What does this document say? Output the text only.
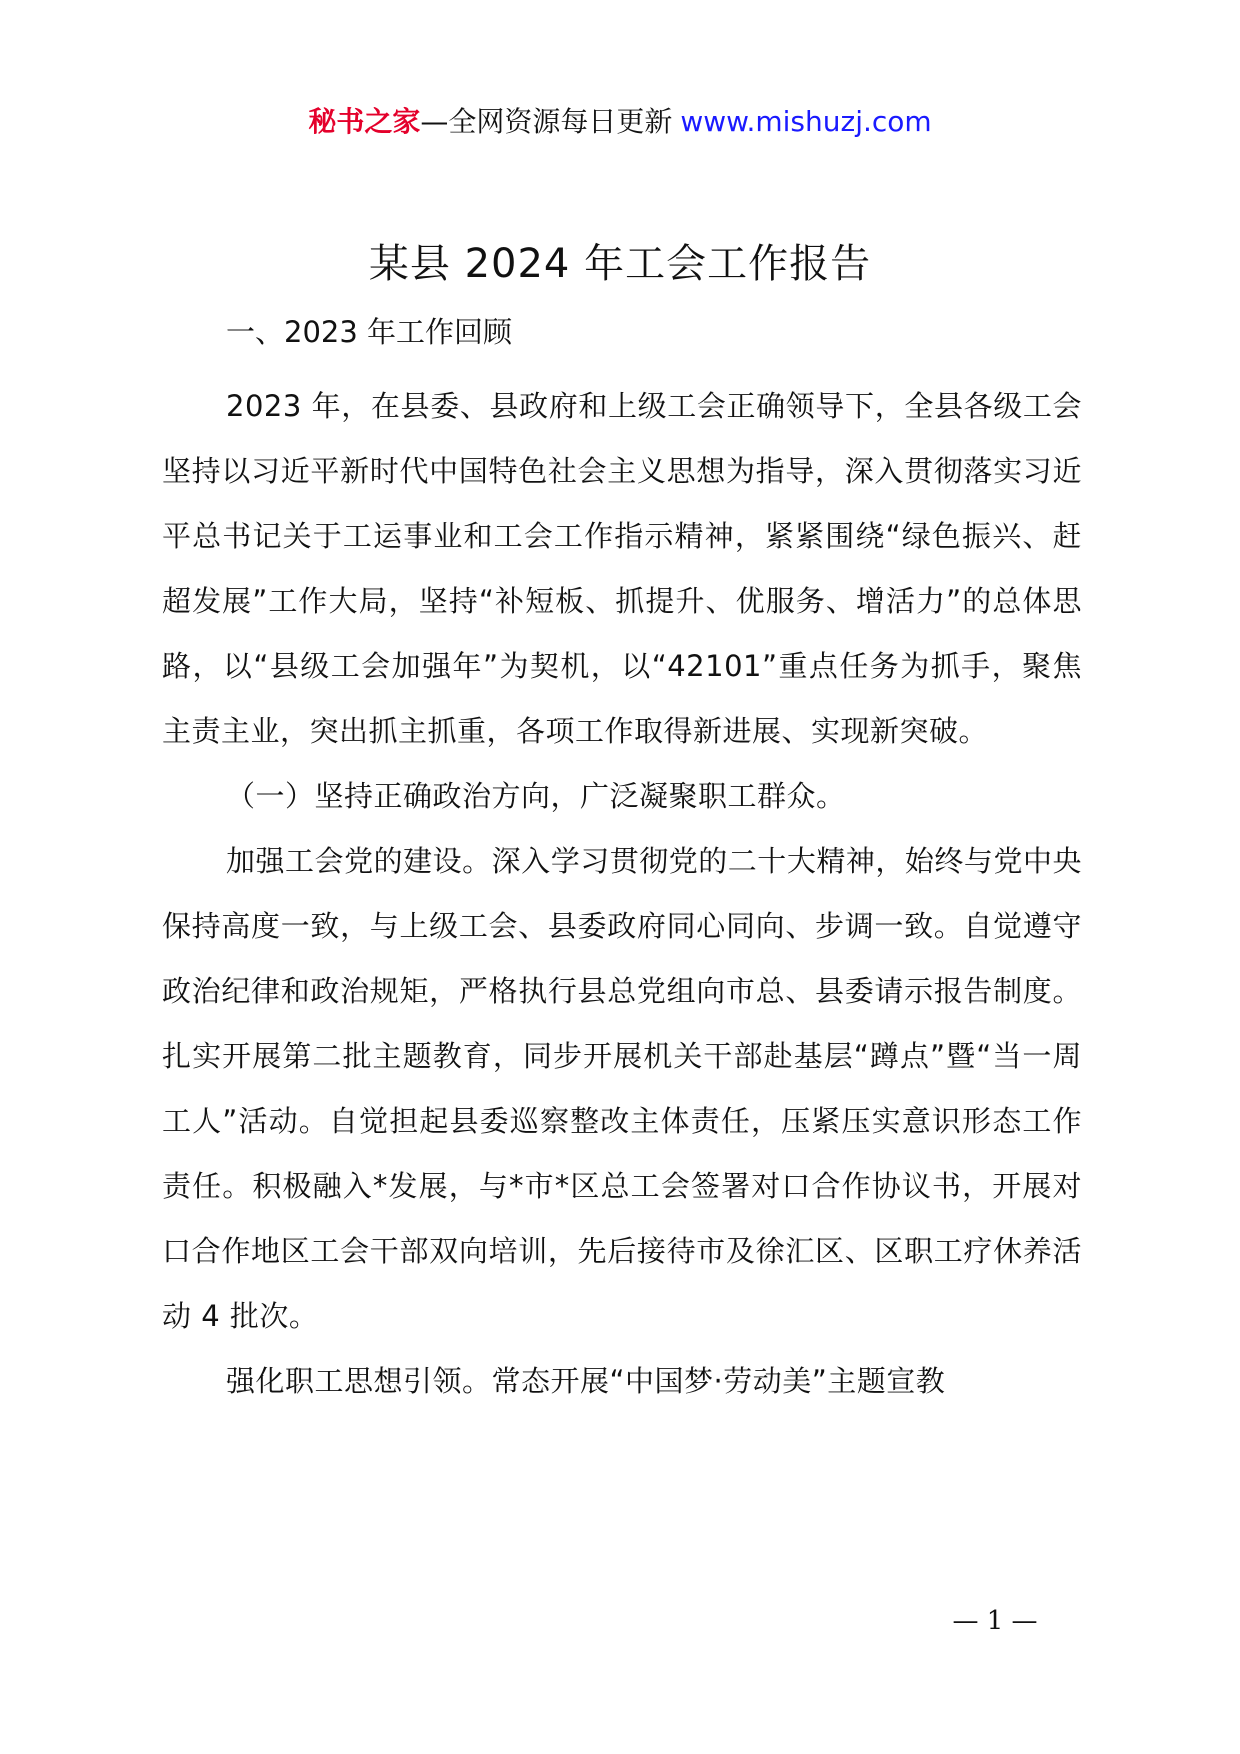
秘书之家—全网资源每日更新 www.mishuzj.com
某县 2024 年工会工作报告

一、2023 年工作回顾

2023 年，在县委、县政府和上级工会正确领导下，全县各级工会坚持以习近平新时代中国特色社会主义思想为指导，深入贯彻落实习近平总书记关于工运事业和工会工作指示精神，紧紧围绕“绿色振兴、赶超发展”工作大局，坚持“补短板、抓提升、优服务、增活力”的总体思路，以“县级工会加强年”为契机，以“42101”重点任务为抓手，聚焦主责主业，突出抓主抓重，各项工作取得新进展、实现新突破。

（一）坚持正确政治方向，广泛凝聚职工群众。

加强工会党的建设。深入学习贯彻党的二十大精神，始终与党中央保持高度一致，与上级工会、县委政府同心同向、步调一致。自觉遵守政治纪律和政治规矩，严格执行县总党组向市总、县委请示报告制度。扎实开展第二批主题教育，同步开展机关干部赴基层“蹲点”暨“当一周工人”活动。自觉担起县委巡察整改主体责任，压紧压实意识形态工作责任。积极融入*发展，与*市*区总工会签署对口合作协议书，开展对口合作地区工会干部双向培训，先后接待市及徐汇区、区职工疗休养活动 4 批次。

强化职工思想引领。常态开展“中国梦·劳动美”主题宣教

— 1 —
